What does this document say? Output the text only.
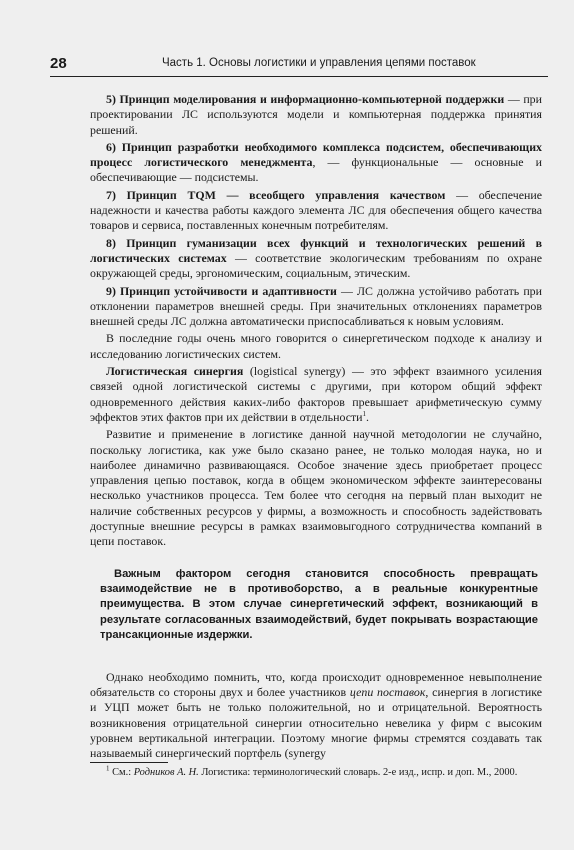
28	Часть 1. Основы логистики и управления цепями поставок

5) Принцип моделирования и информационно-компьютерной поддержки — при проектировании ЛС используются модели и компьютерная поддержка принятия решений.

6) Принцип разработки необходимого комплекса подсистем, обеспечивающих процесс логистического менеджмента, — функциональные — основные и обеспечивающие — подсистемы.

7) Принцип TQM — всеобщего управления качеством — обеспечение надежности и качества работы каждого элемента ЛС для обеспечения общего качества товаров и сервиса, поставленных конечным потребителям.

8) Принцип гуманизации всех функций и технологических решений в логистических системах — соответствие экологическим требованиям по охране окружающей среды, эргономическим, социальным, этическим.

9) Принцип устойчивости и адаптивности — ЛС должна устойчиво работать при отклонении параметров внешней среды. При значительных отклонениях параметров внешней среды ЛС должна автоматически приспосабливаться к новым условиям.

В последние годы очень много говорится о синергетическом подходе к анализу и исследованию логистических систем.

Логистическая синергия (logistical synergy) — это эффект взаимного усиления связей одной логистической системы с другими, при котором общий эффект одновременного действия каких-либо факторов превышает арифметическую сумму эффектов этих фактов при их действии в отдельности$^1$.

Развитие и применение в логистике данной научной методологии не случайно, поскольку логистика, как уже было сказано ранее, не только молодая наука, но и наиболее динамично развивающаяся. Особое значение здесь приобретает процесс управления цепью поставок, когда в общем экономическом эффекте заинтересованы несколько участников процесса. Тем более что сегодня на первый план выходит не наличие собственных ресурсов у фирмы, а возможность и способность задействовать доступные внешние ресурсы в рамках взаимовыгодного сотрудничества компаний в цепи поставок.

Важным фактором сегодня становится способность превращать взаимодействие не в противоборство, а в реальные конкурентные преимущества. В этом случае синергетический эффект, возникающий в результате согласованных взаимодействий, будет покрывать возрастающие трансакционные издержки.

Однако необходимо помнить, что, когда происходит одновременное невыполнение обязательств со стороны двух и более участников цепи поставок, синергия в логистике и УЦП может быть не только положительной, но и отрицательной. Вероятность возникновения отрицательной синергии относительно невелика у фирм с высоким уровнем вертикальной интеграции. Поэтому многие фирмы стремятся создавать так называемый синергический портфель (synergy

$^1$ См.: Родников А. Н. Логистика: терминологический словарь. 2-е изд., испр. и доп. М., 2000.
